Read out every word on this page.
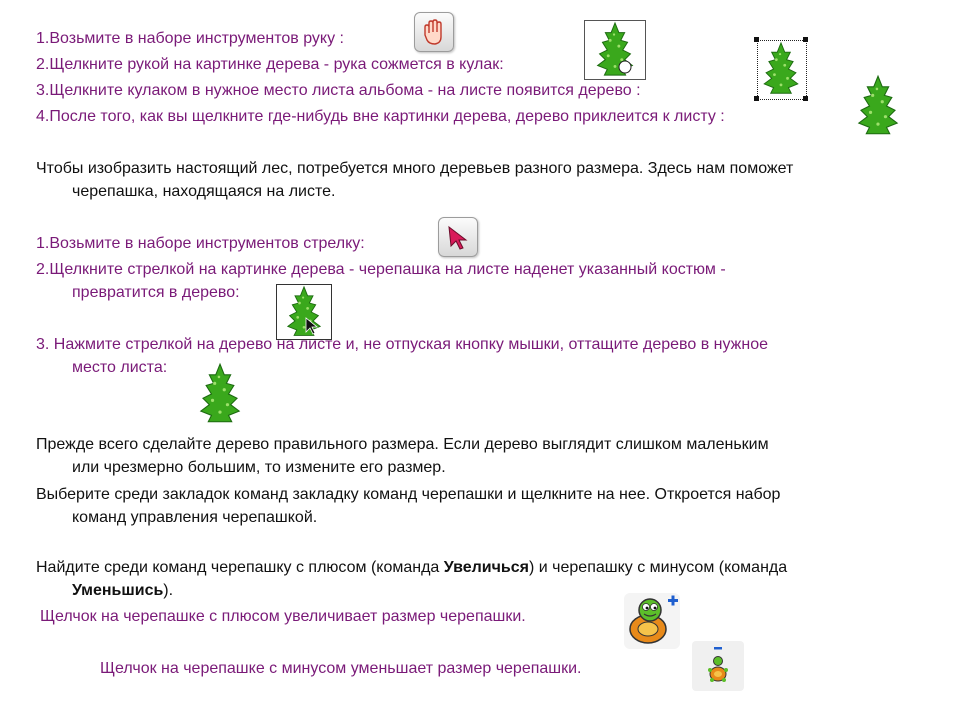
1.Возьмите в наборе инструментов руку :
2.Щелкните рукой на картинке дерева - рука сожмется в кулак:
3.Щелкните кулаком в нужное место листа альбома - на листе появится дерево :
4.После того, как вы щелкните где-нибудь вне картинки дерева, дерево приклеится к листу :
Чтобы изобразить настоящий лес, потребуется много деревьев разного размера. Здесь нам поможет
черепашка, находящаяся на листе.
1.Возьмите в наборе инструментов стрелку:
2.Щелкните стрелкой на картинке дерева - черепашка на листе наденет указанный костюм -
превратится в дерево:
3. Нажмите стрелкой на дерево на листе и, не отпуская кнопку мышки, оттащите дерево в нужное
место листа:
Прежде всего сделайте дерево правильного размера. Если дерево выглядит слишком маленьким
или чрезмерно большим, то измените его размер.
Выберите среди закладок команд закладку команд черепашки и щелкните на нее. Откроется набор
команд управления черепашкой.
Найдите среди команд черепашку с плюсом (команда Увеличься) и черепашку с минусом (команда
Уменьшись).
Щелчок на черепашке с плюсом увеличивает размер черепашки.
Щелчок на черепашке с минусом уменьшает размер черепашки.
